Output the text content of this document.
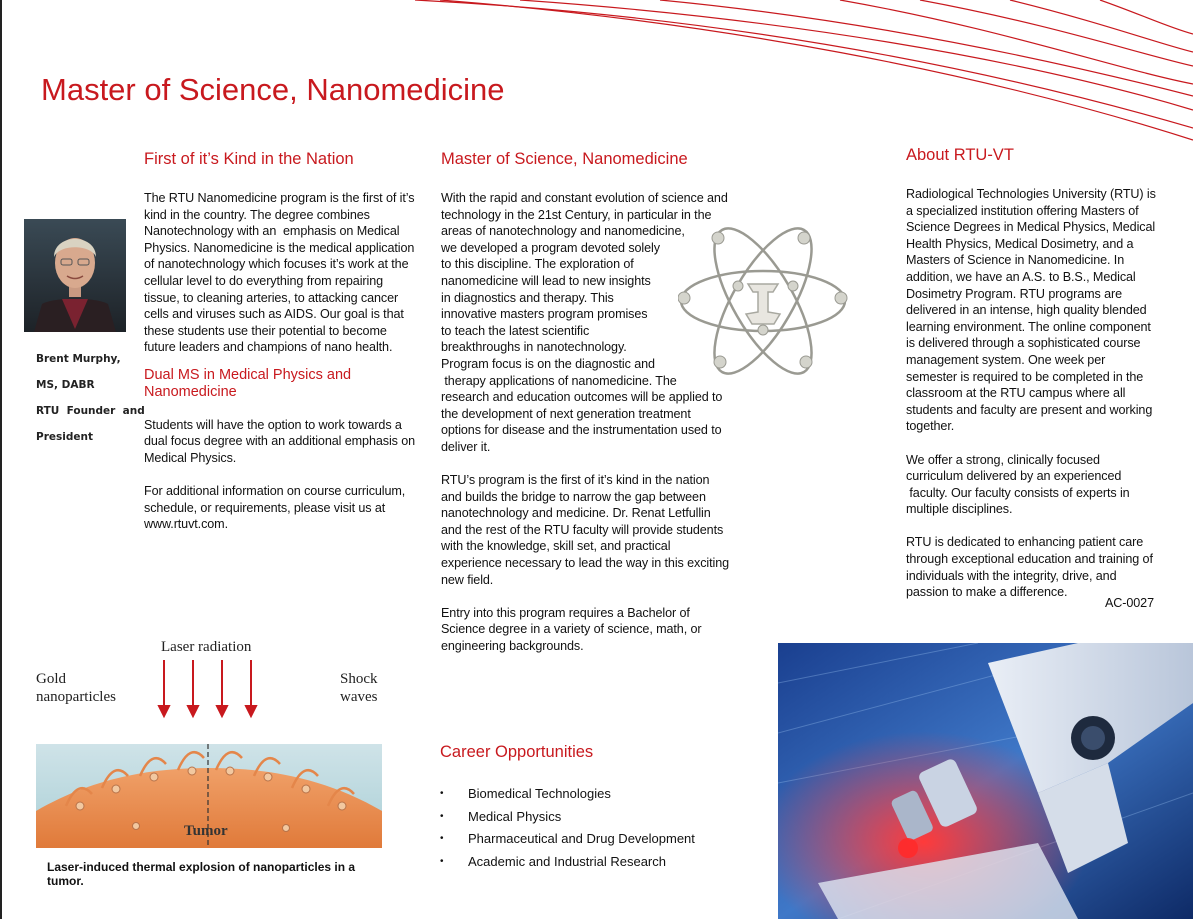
Master of Science, Nanomedicine
Brent Murphy,
MS, DABR
RTU  Founder  and
President
First of it’s Kind in the Nation

The RTU Nanomedicine program is the first of it’s
kind in the country. The degree combines
Nanotechnology with an  emphasis on Medical
Physics. Nanomedicine is the medical application
of nanotechnology which focuses it’s work at the
cellular level to do everything from repairing
tissue, to cleaning arteries, to attacking cancer
cells and viruses such as AIDS. Our goal is that
these students use their potential to become
future leaders and champions of nano health.

Dual MS in Medical Physics and
Nanomedicine

Students will have the option to work towards a
dual focus degree with an additional emphasis on
Medical Physics.

For additional information on course curriculum,
schedule, or requirements, please visit us at
www.rtuvt.com.

Master of Science, Nanomedicine

With the rapid and constant evolution of science and
technology in the 21st Century, in particular in the
areas of nanotechnology and nanomedicine,
we developed a program devoted solely
to this discipline. The exploration of
nanomedicine will lead to new insights
in diagnostics and therapy. This
innovative masters program promises
to teach the latest scientific
breakthroughs in nanotechnology.
Program focus is on the diagnostic and
therapy applications of nanomedicine. The
research and education outcomes will be applied to
the development of next generation treatment
options for disease and the instrumentation used to
deliver it.

RTU’s program is the first of it’s kind in the nation
and builds the bridge to narrow the gap between
nanotechnology and medicine. Dr. Renat Letfullin
and the rest of the RTU faculty will provide students
with the knowledge, skill set, and practical
experience necessary to lead the way in this exciting
new field.

Entry into this program requires a Bachelor of
Science degree in a variety of science, math, or
engineering backgrounds.

Career Opportunities
• Biomedical Technologies
• Medical Physics
• Pharmaceutical and Drug Development
• Academic and Industrial Research
About RTU-VT

Radiological Technologies University (RTU) is
a specialized institution offering Masters of
Science Degrees in Medical Physics, Medical
Health Physics, Medical Dosimetry, and a
Masters of Science in Nanomedicine. In
addition, we have an A.S. to B.S., Medical
Dosimetry Program. RTU programs are
delivered in an intense, high quality blended
learning environment. The online component
is delivered through a sophisticated course
management system. One week per
semester is required to be completed in the
classroom at the RTU campus where all
students and faculty are present and working
together.

We offer a strong, clinically focused
curriculum delivered by an experienced
faculty. Our faculty consists of experts in
multiple disciplines.

RTU is dedicated to enhancing patient care
through exceptional education and training of
individuals with the integrity, drive, and
passion to make a difference.

AC-0027
Laser radiation
Gold
nanoparticles
Shock
waves
Tumor
Laser-induced thermal explosion of nanoparticles in a tumor.
